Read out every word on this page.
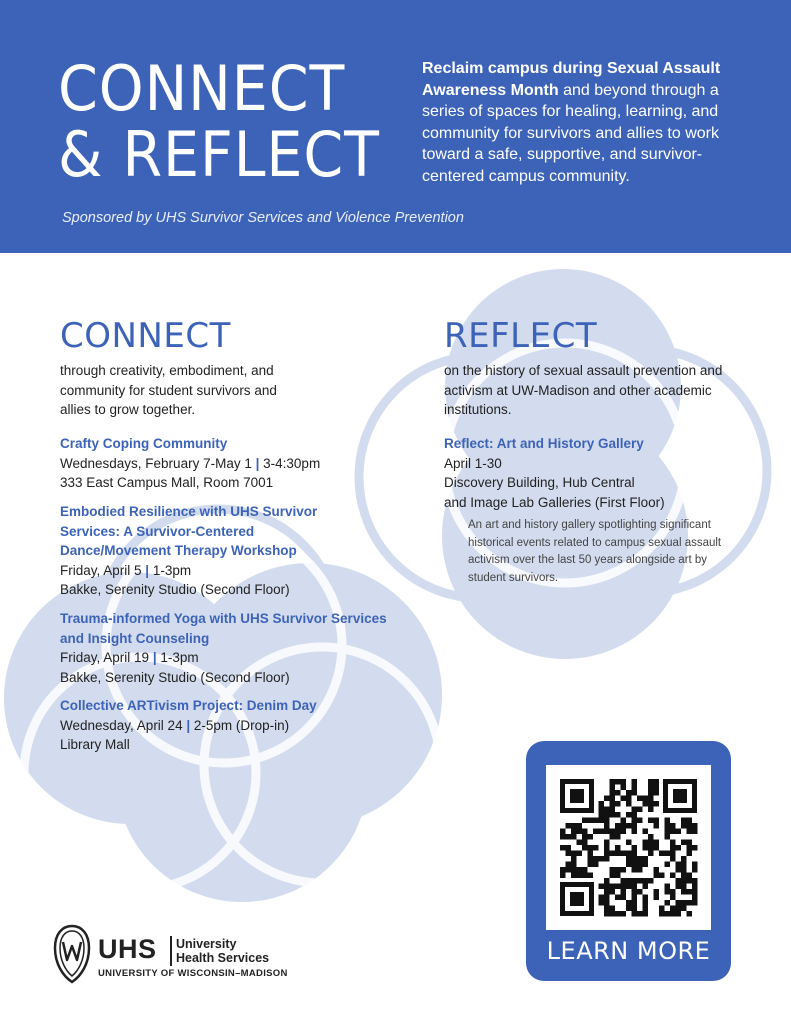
CONNECT
& REFLECT

Reclaim campus during Sexual Assault Awareness Month and beyond through a series of spaces for healing, learning, and community for survivors and allies to work toward a safe, supportive, and survivor-centered campus community.

Sponsored by UHS Survivor Services and Violence Prevention

CONNECT

through creativity, embodiment, and community for student survivors and allies to grow together.

Crafty Coping Community

Wednesdays, February 7-May 1 | 3-4:30pm

333 East Campus Mall, Room 7001

Embodied Resilience with UHS Survivor Services: A Survivor-Centered Dance/Movement Therapy Workshop

Friday, April 5 | 1-3pm

Bakke, Serenity Studio (Second Floor)

Trauma-informed Yoga with UHS Survivor Services and Insight Counseling

Friday, April 19 | 1-3pm

Bakke, Serenity Studio (Second Floor)

Collective ARTivism Project: Denim Day

Wednesday, April 24 | 2-5pm (Drop-in)

Library Mall

REFLECT

on the history of sexual assault prevention and activism at UW-Madison and other academic institutions.

Reflect: Art and History Gallery

April 1-30

Discovery Building, Hub Central

and Image Lab Galleries (First Floor)

An art and history gallery spotlighting significant historical events related to campus sexual assault activism over the last 50 years alongside art by student survivors.

UHS University
Health Services
UNIVERSITY OF WISCONSIN–MADISON
LEARN MORE
